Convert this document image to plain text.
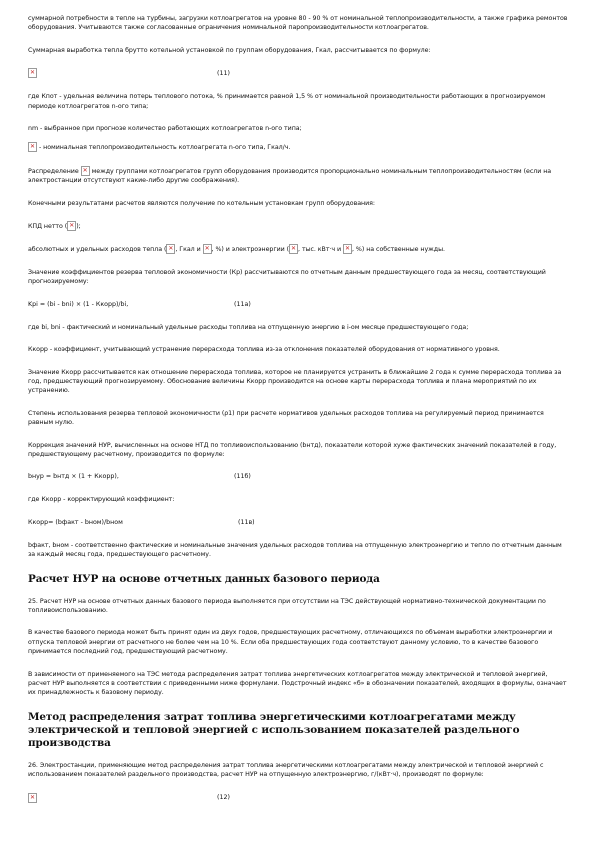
суммарной потребности в тепле на турбины, загрузки котлоагрегатов на уровне 80 - 90 % от номинальной теплопроизводительности, а также графика ремонтов оборудования. Учитываются также согласованные ограничения номинальной паропроизводительности котлоагрегатов.

Суммарная выработка тепла брутто котельной установкой по группам оборудования, Гкал, рассчитывается по формуле:

✕
(11)

где Кпот - удельная величина потерь теплового потока, % принимается равной 1,5 % от номинальной производительности работающих в прогнозируемом периоде котлоагрегатов n-ого типа;

nm - выбранное при прогнозе количество работающих котлоагрегатов n-ого типа;

✕ - номинальная теплопроизводительность котлоагрегата n-ого типа, Гкал/ч.

Распределение ✕ между группами котлоагрегатов групп оборудования производится пропорционально номинальным теплопроизводительностям (если на электростанции отсутствуют какие-либо другие соображения).

Конечными результатами расчетов являются получение по котельным установкам групп оборудования:

КПД нетто ( ✕ );

абсолютных и удельных расходов тепла ( ✕ , Гкал и ✕ , %) и электроэнергии ( ✕ , тыс. кВт·ч и ✕ , %) на собственные нужды.

Значение коэффициентов резерва тепловой экономичности (Кр) рассчитываются по отчетным данным предшествующего года за месяц, соответствующий прогнозируемому:

Kpi = (bi - bni) × (1 - Ккорр)/bi,	(11a)

где bi, bni - фактический и номинальный удельные расходы топлива на отпущенную энергию в i-ом месяце предшествующего года;

Ккорр - коэффициент, учитывающий устранение перерасхода топлива из-за отклонения показателей оборудования от нормативного уровня.

Значение Ккорр рассчитывается как отношение перерасхода топлива, которое не планируется устранить в ближайшие 2 года к сумме перерасхода топлива за год, предшествующий прогнозируемому. Обоснование величины Ккорр производится на основе карты перерасхода топлива и плана мероприятий по их устранению.

Степень использования резерва тепловой экономичности (ρ1) при расчете нормативов удельных расходов топлива на регулируемый период принимается равным нулю.

Коррекция значений НУР, вычисленных на основе НТД по топливоиспользованию (bнтд), показатели которой хуже фактических значений показателей в году, предшествующему расчетному, производится по формуле:

bнур = bнтд × (1 + Ккорр),	(11б)

где Ккорр - корректирующий коэффициент:

Ккорр= (bфакт - bном)/bном	(11в)

bфакт, bном - соответственно фактические и номинальные значения удельных расходов топлива на отпущенную электроэнергию и тепло по отчетным данным за каждый месяц года, предшествующего расчетному.

Расчет НУР на основе отчетных данных базового периода

25. Расчет НУР на основе отчетных данных базового периода выполняется при отсутствии на ТЭС действующей нормативно-технической документации по топливоиспользованию.

В качестве базового периода может быть принят один из двух годов, предшествующих расчетному, отличающихся по объемам выработки электроэнергии и отпуска тепловой энергии от расчетного не более чем на 10 %. Если оба предшествующих года соответствуют данному условию, то в качестве базового принимается последний год, предшествующий расчетному.

В зависимости от применяемого на ТЭС метода распределения затрат топлива энергетических котлоагрегатов между электрической и тепловой энергией, расчет НУР выполняется в соответствии с приведенными ниже формулами. Подстрочный индекс «б» в обозначении показателей, входящих в формулы, означает их принадлежность к базовому периоду.

Метод распределения затрат топлива энергетическими котлоагрегатами между электрической и тепловой энергией с использованием показателей раздельного производства

26. Электростанции, применяющие метод распределения затрат топлива энергетическими котлоагрегатами между электрической и тепловой энергией с использованием показателей раздельного производства, расчет НУР на отпущенную электроэнергию, г/(кВт·ч), производят по формуле:

✕
(12)
